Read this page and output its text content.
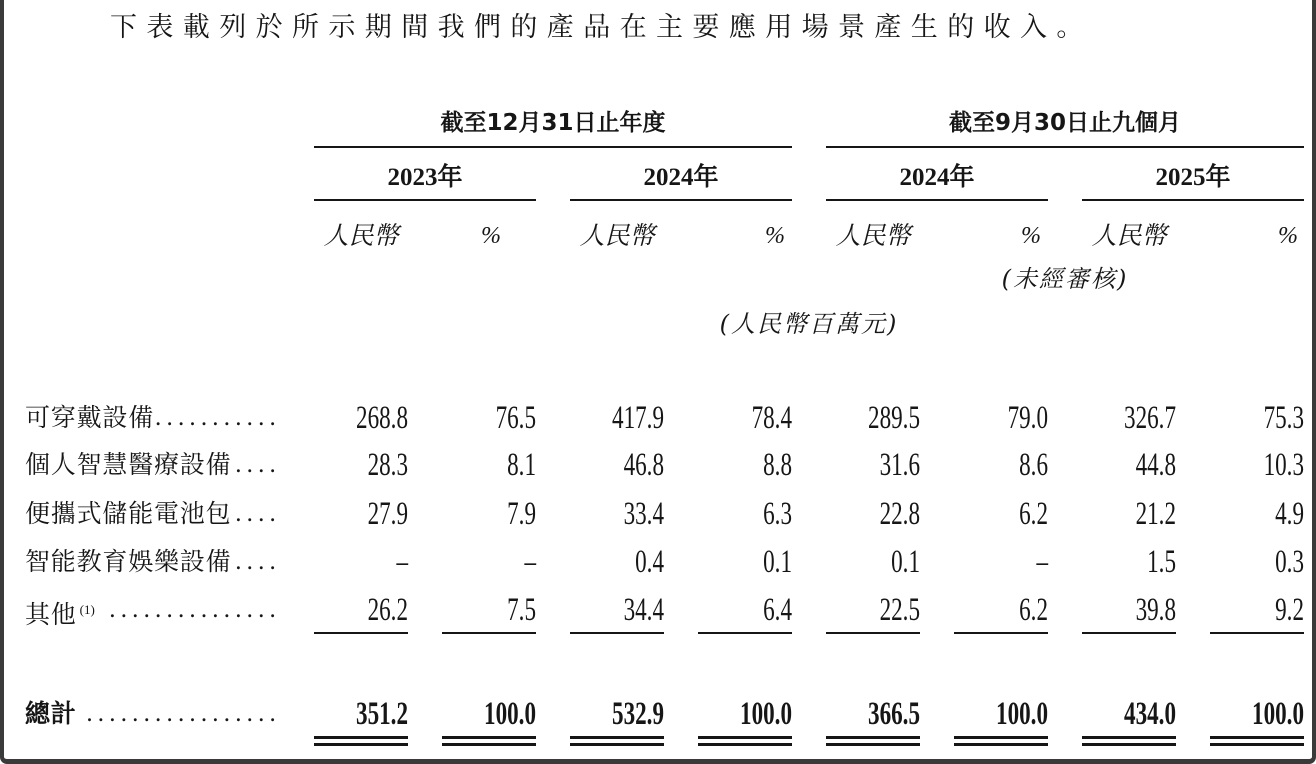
下表載列於所示期間我們的產品在主要應用場景產生的收入。
截至12月31日止年度	截至9月30日止九個月
2023年	2024年	2024年	2025年
人民幣	%	人民幣	%	人民幣	%	人民幣	%
(未經審核)
(人民幣百萬元)
可穿戴設備 ...........	268.8	76.5	417.9	78.4	289.5	79.0	326.7	75.3
個人智慧醫療設備 ....	28.3	8.1	46.8	8.8	31.6	8.6	44.8	10.3
便攜式儲能電池包 ....	27.9	7.9	33.4	6.3	22.8	6.2	21.2	4.9
智能教育娛樂設備 ....	–	–	0.4	0.1	0.1	–	1.5	0.3
其他 $^{(1)}$ ...............	26.2	7.5	34.4	6.4	22.5	6.2	39.8	9.2
總計 .................	351.2	100.0	532.9	100.0	366.5	100.0	434.0	100.0
